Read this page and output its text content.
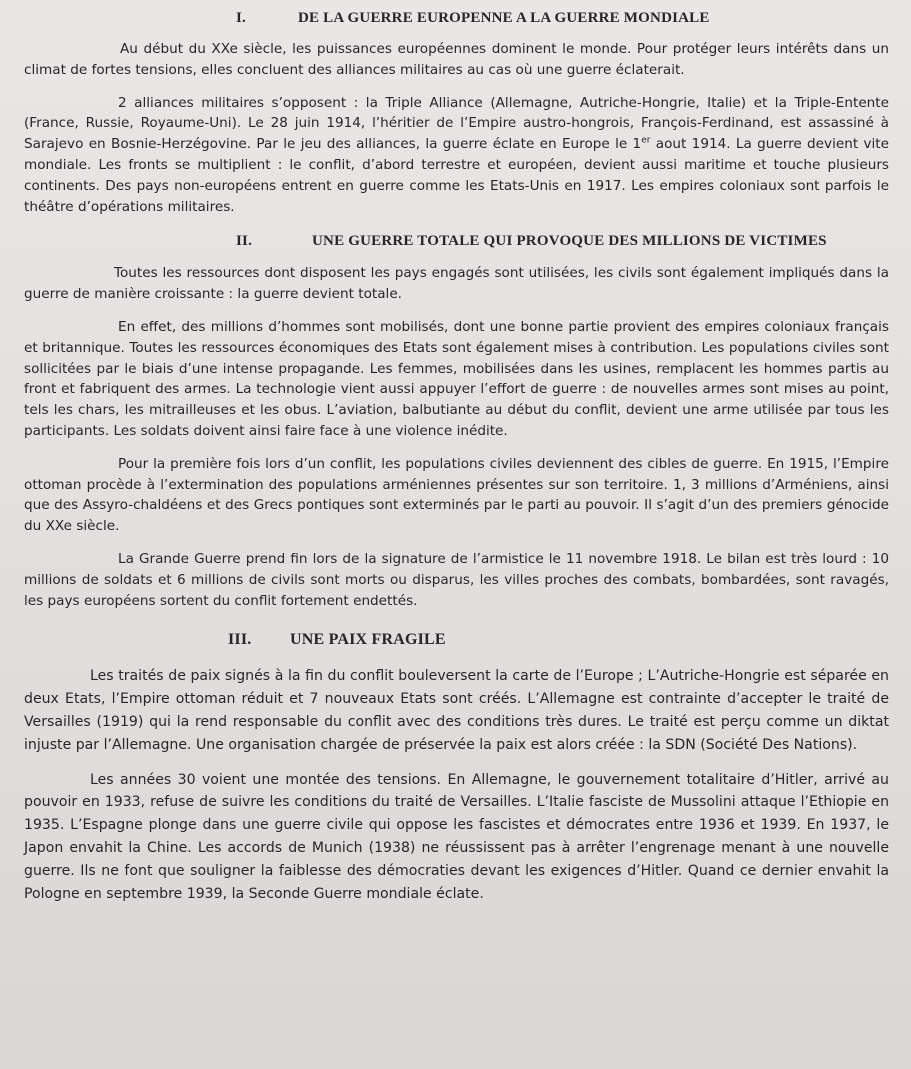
I.	DE LA GUERRE EUROPENNE A LA GUERRE MONDIALE

Au début du XXe siècle, les puissances européennes dominent le monde. Pour protéger leurs intérêts dans un climat de fortes tensions, elles concluent des alliances militaires au cas où une guerre éclaterait.

2 alliances militaires s’opposent : la Triple Alliance (Allemagne, Autriche-Hongrie, Italie) et la Triple-Entente (France, Russie, Royaume-Uni). Le 28 juin 1914, l’héritier de l’Empire austro-hongrois, François-Ferdinand, est assassiné à Sarajevo en Bosnie-Herzégovine. Par le jeu des alliances, la guerre éclate en Europe le 1er aout 1914. La guerre devient vite mondiale. Les fronts se multiplient : le conflit, d’abord terrestre et européen, devient aussi maritime et touche plusieurs continents. Des pays non-européens entrent en guerre comme les Etats-Unis en 1917. Les empires coloniaux sont parfois le théâtre d’opérations militaires.

II.	UNE GUERRE TOTALE QUI PROVOQUE DES MILLIONS DE VICTIMES

Toutes les ressources dont disposent les pays engagés sont utilisées, les civils sont également impliqués dans la guerre de manière croissante : la guerre devient totale.

En effet, des millions d’hommes sont mobilisés, dont une bonne partie provient des empires coloniaux français et britannique. Toutes les ressources économiques des Etats sont également mises à contribution. Les populations civiles sont sollicitées par le biais d’une intense propagande. Les femmes, mobilisées dans les usines, remplacent les hommes partis au front et fabriquent des armes. La technologie vient aussi appuyer l’effort de guerre : de nouvelles armes sont mises au point, tels les chars, les mitrailleuses et les obus. L’aviation, balbutiante au début du conflit, devient une arme utilisée par tous les participants. Les soldats doivent ainsi faire face à une violence inédite.

Pour la première fois lors d’un conflit, les populations civiles deviennent des cibles de guerre. En 1915, l’Empire ottoman procède à l’extermination des populations arméniennes présentes sur son territoire. 1, 3 millions d’Arméniens, ainsi que des Assyro-chaldéens et des Grecs pontiques sont exterminés par le parti au pouvoir. Il s’agit d’un des premiers génocide du XXe siècle.

La Grande Guerre prend fin lors de la signature de l’armistice le 11 novembre 1918. Le bilan est très lourd : 10 millions de soldats et 6 millions de civils sont morts ou disparus, les villes proches des combats, bombardées, sont ravagés, les pays européens sortent du conflit fortement endettés.

III.	UNE PAIX FRAGILE

Les traités de paix signés à la fin du conflit bouleversent la carte de l’Europe ; L’Autriche-Hongrie est séparée en deux Etats, l’Empire ottoman réduit et 7 nouveaux Etats sont créés. L’Allemagne est contrainte d’accepter le traité de Versailles (1919) qui la rend responsable du conflit avec des conditions très dures. Le traité est perçu comme un diktat injuste par l’Allemagne. Une organisation chargée de préservée la paix est alors créée : la SDN (Société Des Nations).

Les années 30 voient une montée des tensions. En Allemagne, le gouvernement totalitaire d’Hitler, arrivé au pouvoir en 1933, refuse de suivre les conditions du traité de Versailles. L’Italie fasciste de Mussolini attaque l’Ethiopie en 1935. L’Espagne plonge dans une guerre civile qui oppose les fascistes et démocrates entre 1936 et 1939. En 1937, le Japon envahit la Chine. Les accords de Munich (1938) ne réussissent pas à arrêter l’engrenage menant à une nouvelle guerre. Ils ne font que souligner la faiblesse des démocraties devant les exigences d’Hitler. Quand ce dernier envahit la Pologne en septembre 1939, la Seconde Guerre mondiale éclate.
